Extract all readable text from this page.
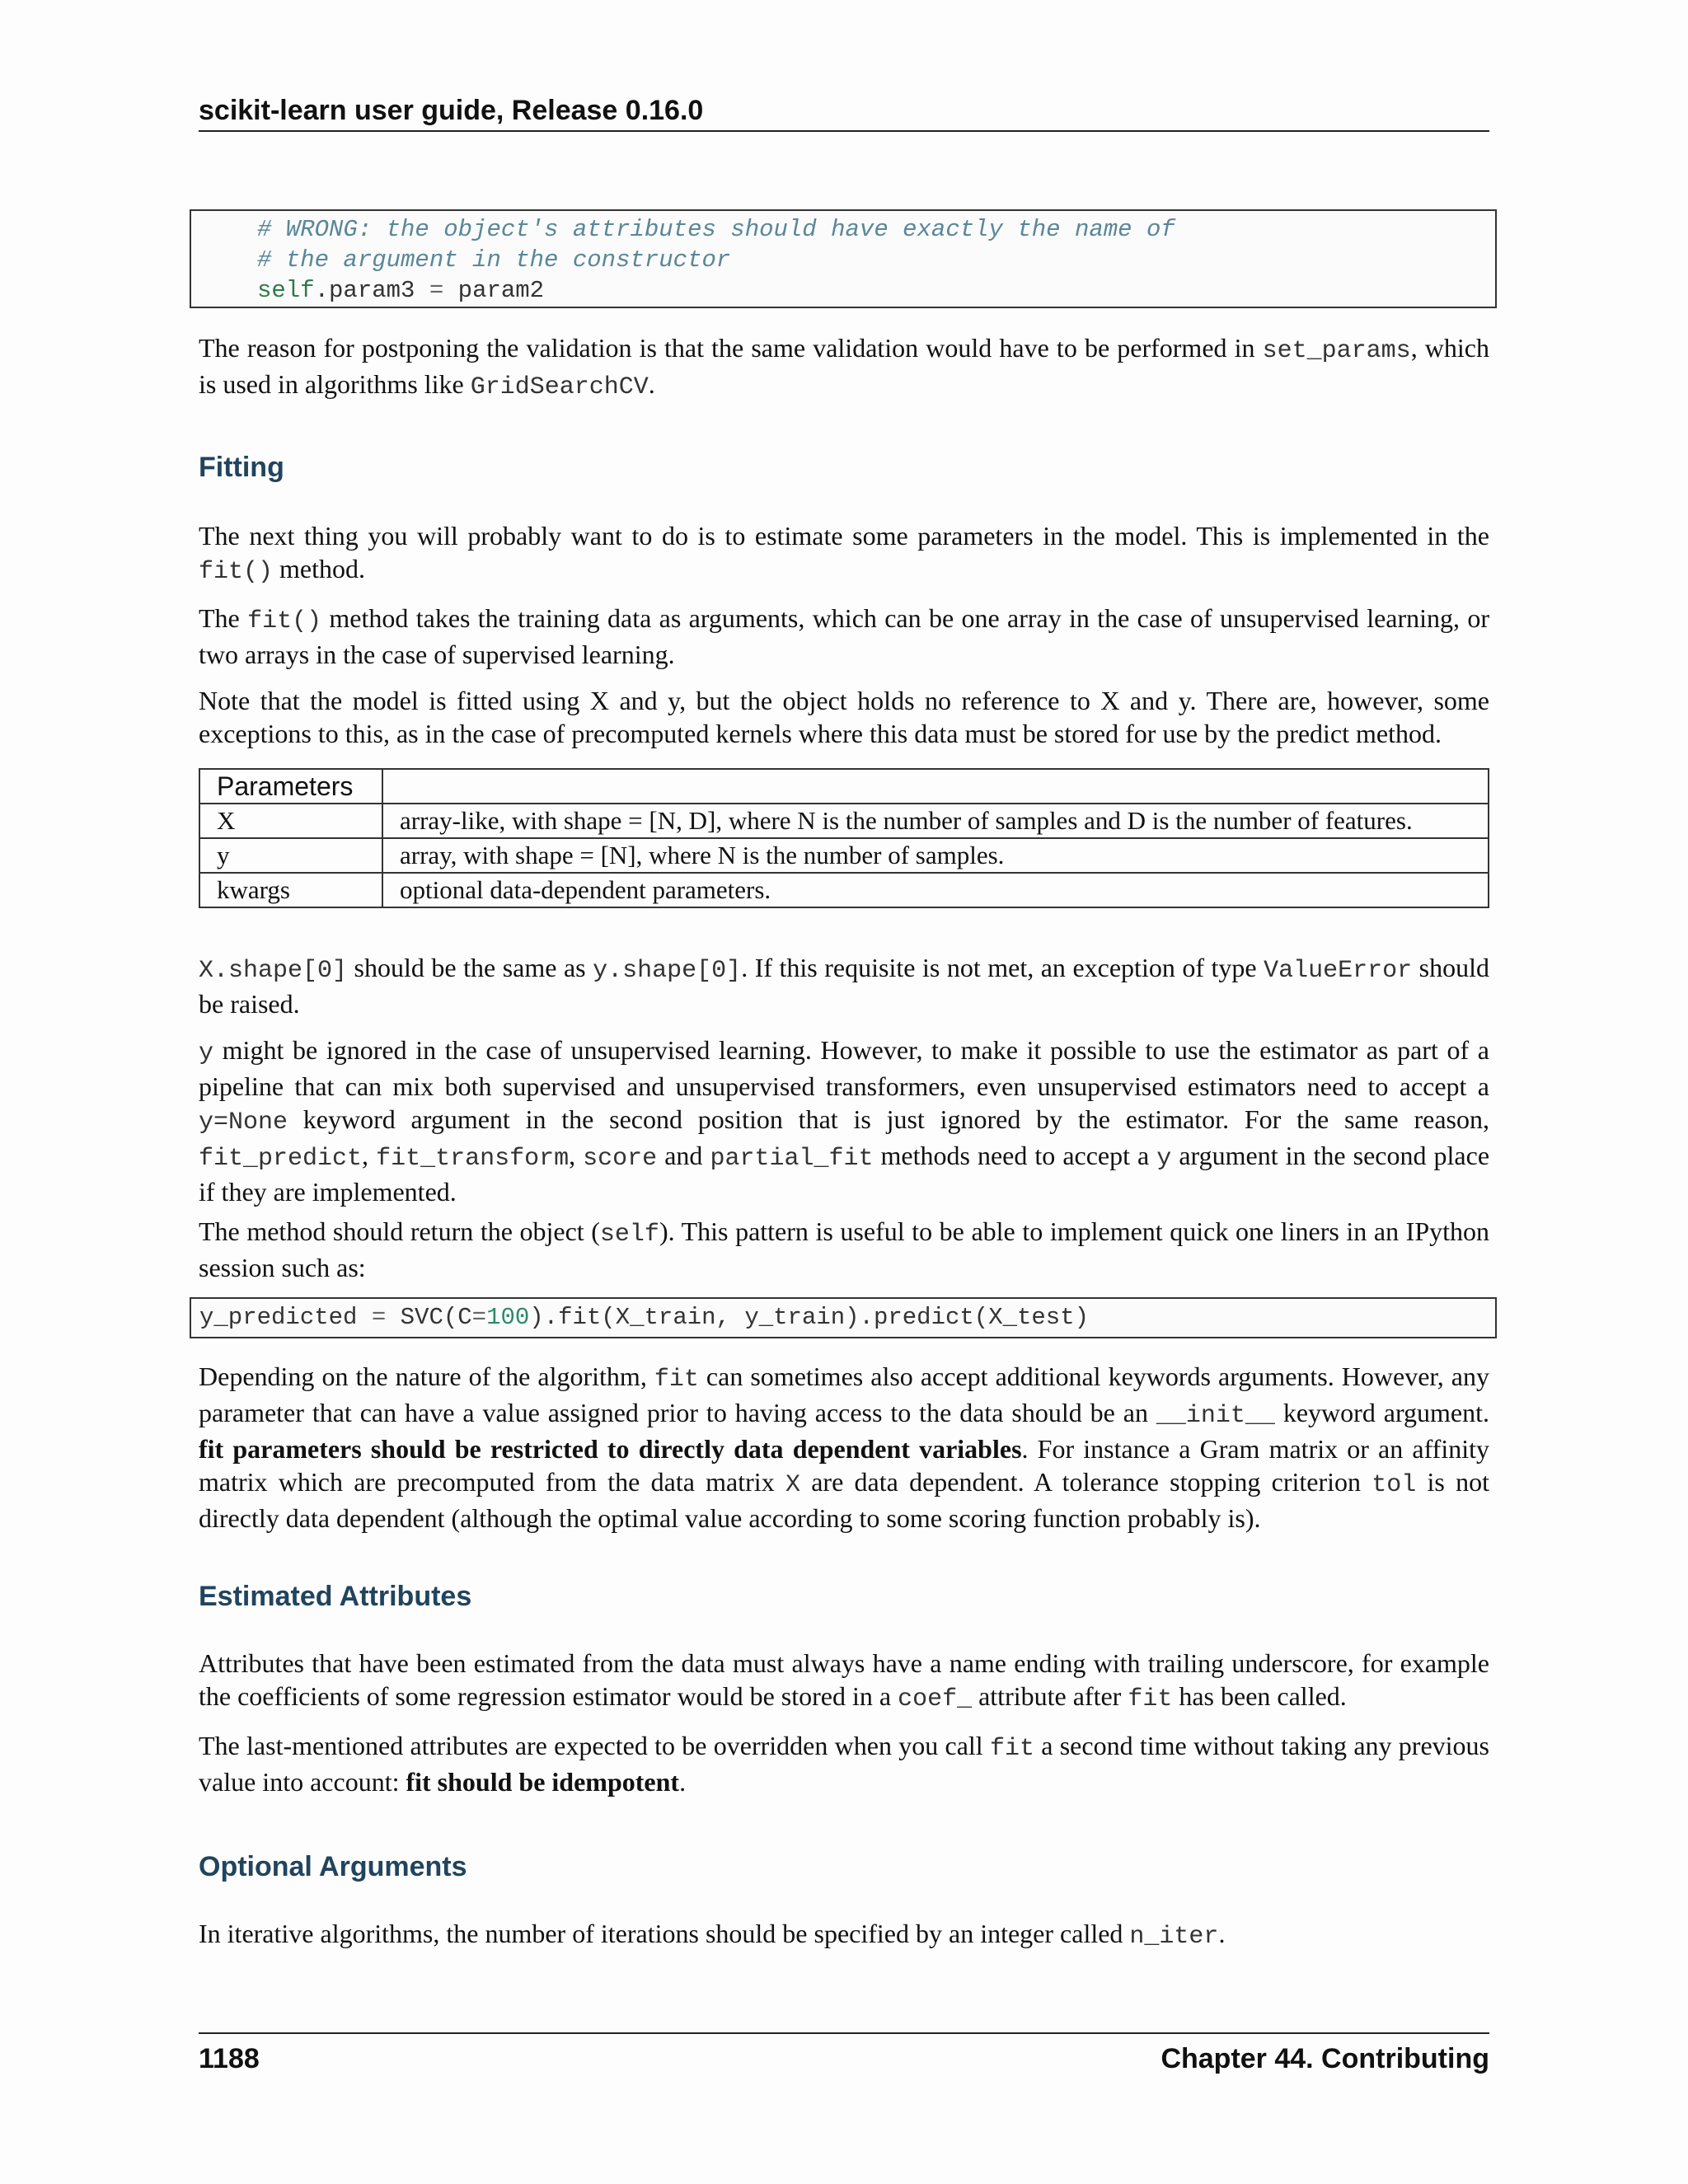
scikit-learn user guide, Release 0.16.0
# WRONG: the object's attributes should have exactly the name of
# the argument in the constructor
self.param3 = param2

The reason for postponing the validation is that the same validation would have to be performed in set_params, which is used in algorithms like GridSearchCV.

Fitting

The next thing you will probably want to do is to estimate some parameters in the model. This is implemented in the fit() method.

The fit() method takes the training data as arguments, which can be one array in the case of unsupervised learning, or two arrays in the case of supervised learning.

Note that the model is fitted using X and y, but the object holds no reference to X and y. There are, however, some exceptions to this, as in the case of precomputed kernels where this data must be stored for use by the predict method.

Parameters	
X	array-like, with shape = [N, D], where N is the number of samples and D is the number of features.
y	array, with shape = [N], where N is the number of samples.
kwargs	optional data-dependent parameters.

X.shape[0] should be the same as y.shape[0]. If this requisite is not met, an exception of type ValueError should be raised.

y might be ignored in the case of unsupervised learning. However, to make it possible to use the estimator as part of a pipeline that can mix both supervised and unsupervised transformers, even unsupervised estimators need to accept a y=None keyword argument in the second position that is just ignored by the estimator. For the same reason, fit_predict, fit_transform, score and partial_fit methods need to accept a y argument in the second place if they are implemented.

The method should return the object (self). This pattern is useful to be able to implement quick one liners in an IPython session such as:

y_predicted = SVC(C=100).fit(X_train, y_train).predict(X_test)

Depending on the nature of the algorithm, fit can sometimes also accept additional keywords arguments. However, any parameter that can have a value assigned prior to having access to the data should be an __init__ keyword argument. fit parameters should be restricted to directly data dependent variables. For instance a Gram matrix or an affinity matrix which are precomputed from the data matrix X are data dependent. A tolerance stopping criterion tol is not directly data dependent (although the optimal value according to some scoring function probably is).

Estimated Attributes

Attributes that have been estimated from the data must always have a name ending with trailing underscore, for example the coefficients of some regression estimator would be stored in a coef_ attribute after fit has been called.

The last-mentioned attributes are expected to be overridden when you call fit a second time without taking any previous value into account: fit should be idempotent.

Optional Arguments

In iterative algorithms, the number of iterations should be specified by an integer called n_iter.

1188	Chapter 44. Contributing
